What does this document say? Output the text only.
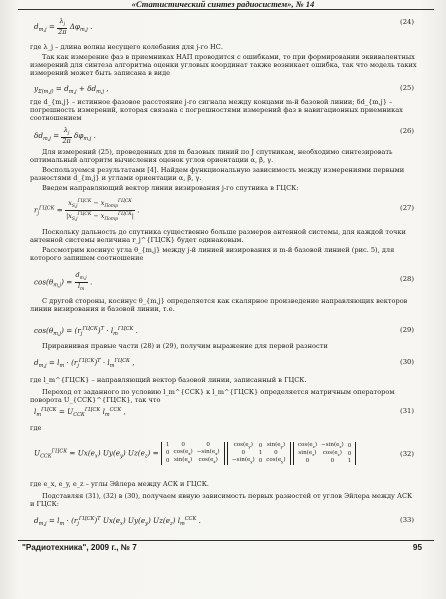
«Статистический синтез радиосистем», № 14
$d_{m,j} = \frac{\lambda_j}{2\pi} \Delta\varphi_{m,j}$ .	(24)
где λ_j – длина волны несущего колебания для j-го НС.
Так как измерение фаз в приемниках НАП проводится с ошибками, то при формировании эквивалентных измерений для синтеза алгоритма оценки угловых координат также возникает ошибка, так что модель таких измерений может быть записана в виде
$y_{\Sigma(m,j)} = d_{m,j} + \delta d_{m,j}$ ,	(25)
где d_{m,j} – истинное фазовое расстояние j-го сигнала между концами m-й базовой линии; δd_{m,j} – погрешность измерений, которая связана с погрешностями измерений фаз в навигационных приемниках соотношением
$\delta d_{m,j} = \frac{\lambda_j}{2\pi} \delta\varphi_{m,j}$ .	(26)
Для измерений (25), проведенных для m базовых линий по J спутникам, необходимо синтезировать оптимальный алгоритм вычисления оценок углов ориентации α, β, γ.
Воспользуемся результатами [4]. Найдем функциональную зависимость между измерениями первыми разностями d_{m,j} и углами ориентации α, β, γ.
Введем направляющий вектор линии визирования j-го спутника в ГЦСК:
$r_j^{ГЦСК} = \frac{x_{S,j}^{ГЦСК} - x_{Потр}^{ГЦСК}}{|x_{S,j}^{ГЦСК} - x_{Потр}^{ГЦСК}|}$ .	(27)
Поскольку дальность до спутника существенно больше размеров антенной системы, для каждой точки антенной системы величина r_j^{ГЦСК} будет одинаковым.
Рассмотрим косинус угла θ_{m,j} между j-й линией визирования и m-й базовой линией (рис. 5), для которого запишем соотношение
$\cos(\theta_{m,j}) = \frac{d_{m,j}}{l_m}$ .	(28)
С другой стороны, косинус θ_{m,j} определяется как скалярное произведение направляющих векторов линии визирования и базовой линии, т.е.
$\cos(\theta_{m,j}) = (r_j^{ГЦСК})^T \cdot l_m^{ГЦСК}$ .	(29)
Приравнивая правые части (28) и (29), получим выражение для первой разности
$d_{m,j} = l_m \cdot (r_j^{ГЦСК})^T \cdot l_m^{ГЦСК}$ ,	(30)
где l_m^{ГЦСК} – направляющий вектор базовой линии, записанный в ГЦСК.
Переход от заданного по условию l_m^{ССК} к l_m^{ГЦСК} определяется матричным оператором поворота U_{ССК}^{ГЦСК}, так что
$l_m^{ГЦСК} = U_{ССК}^{ГЦСК}$ $l_m^{ССК}$ ,	(31)
где
$U_{ССК}^{ГЦСК} = Ux(e_x)$ $Uy(e_y) Uz(e_z)$ =
1	0	0
0	$\cos(e_x)$	$-\sin(e_x)$
0	$\sin(e_x)$	$\cos(e_x)$

$\cos(e_y)$	0	$\sin(e_y)$
0	1	0
$-\sin(e_y)$	0	$\cos(e_y)$

$\cos(e_z)$	$-\sin(e_z)$	0
$\sin(e_z)$	$\cos(e_z)$	0
0	0	1
(32)
где e_x, e_y, e_z – углы Эйлера между АСК и ГЦСК.
Подставляя (31), (32) в (30), получаем явную зависимость первых разностей от углов Эйлера между АСК и ГЦСК:
$d_{m,j} = l_m \cdot (r_j^{ГЦСК})^T$ $Ux(e_x)$ $Uy(e_y)$ $Uz(e_z)$ $l_m^{ССК}$ .	(33)
"Радиотехника", 2009 г., № 7	95
